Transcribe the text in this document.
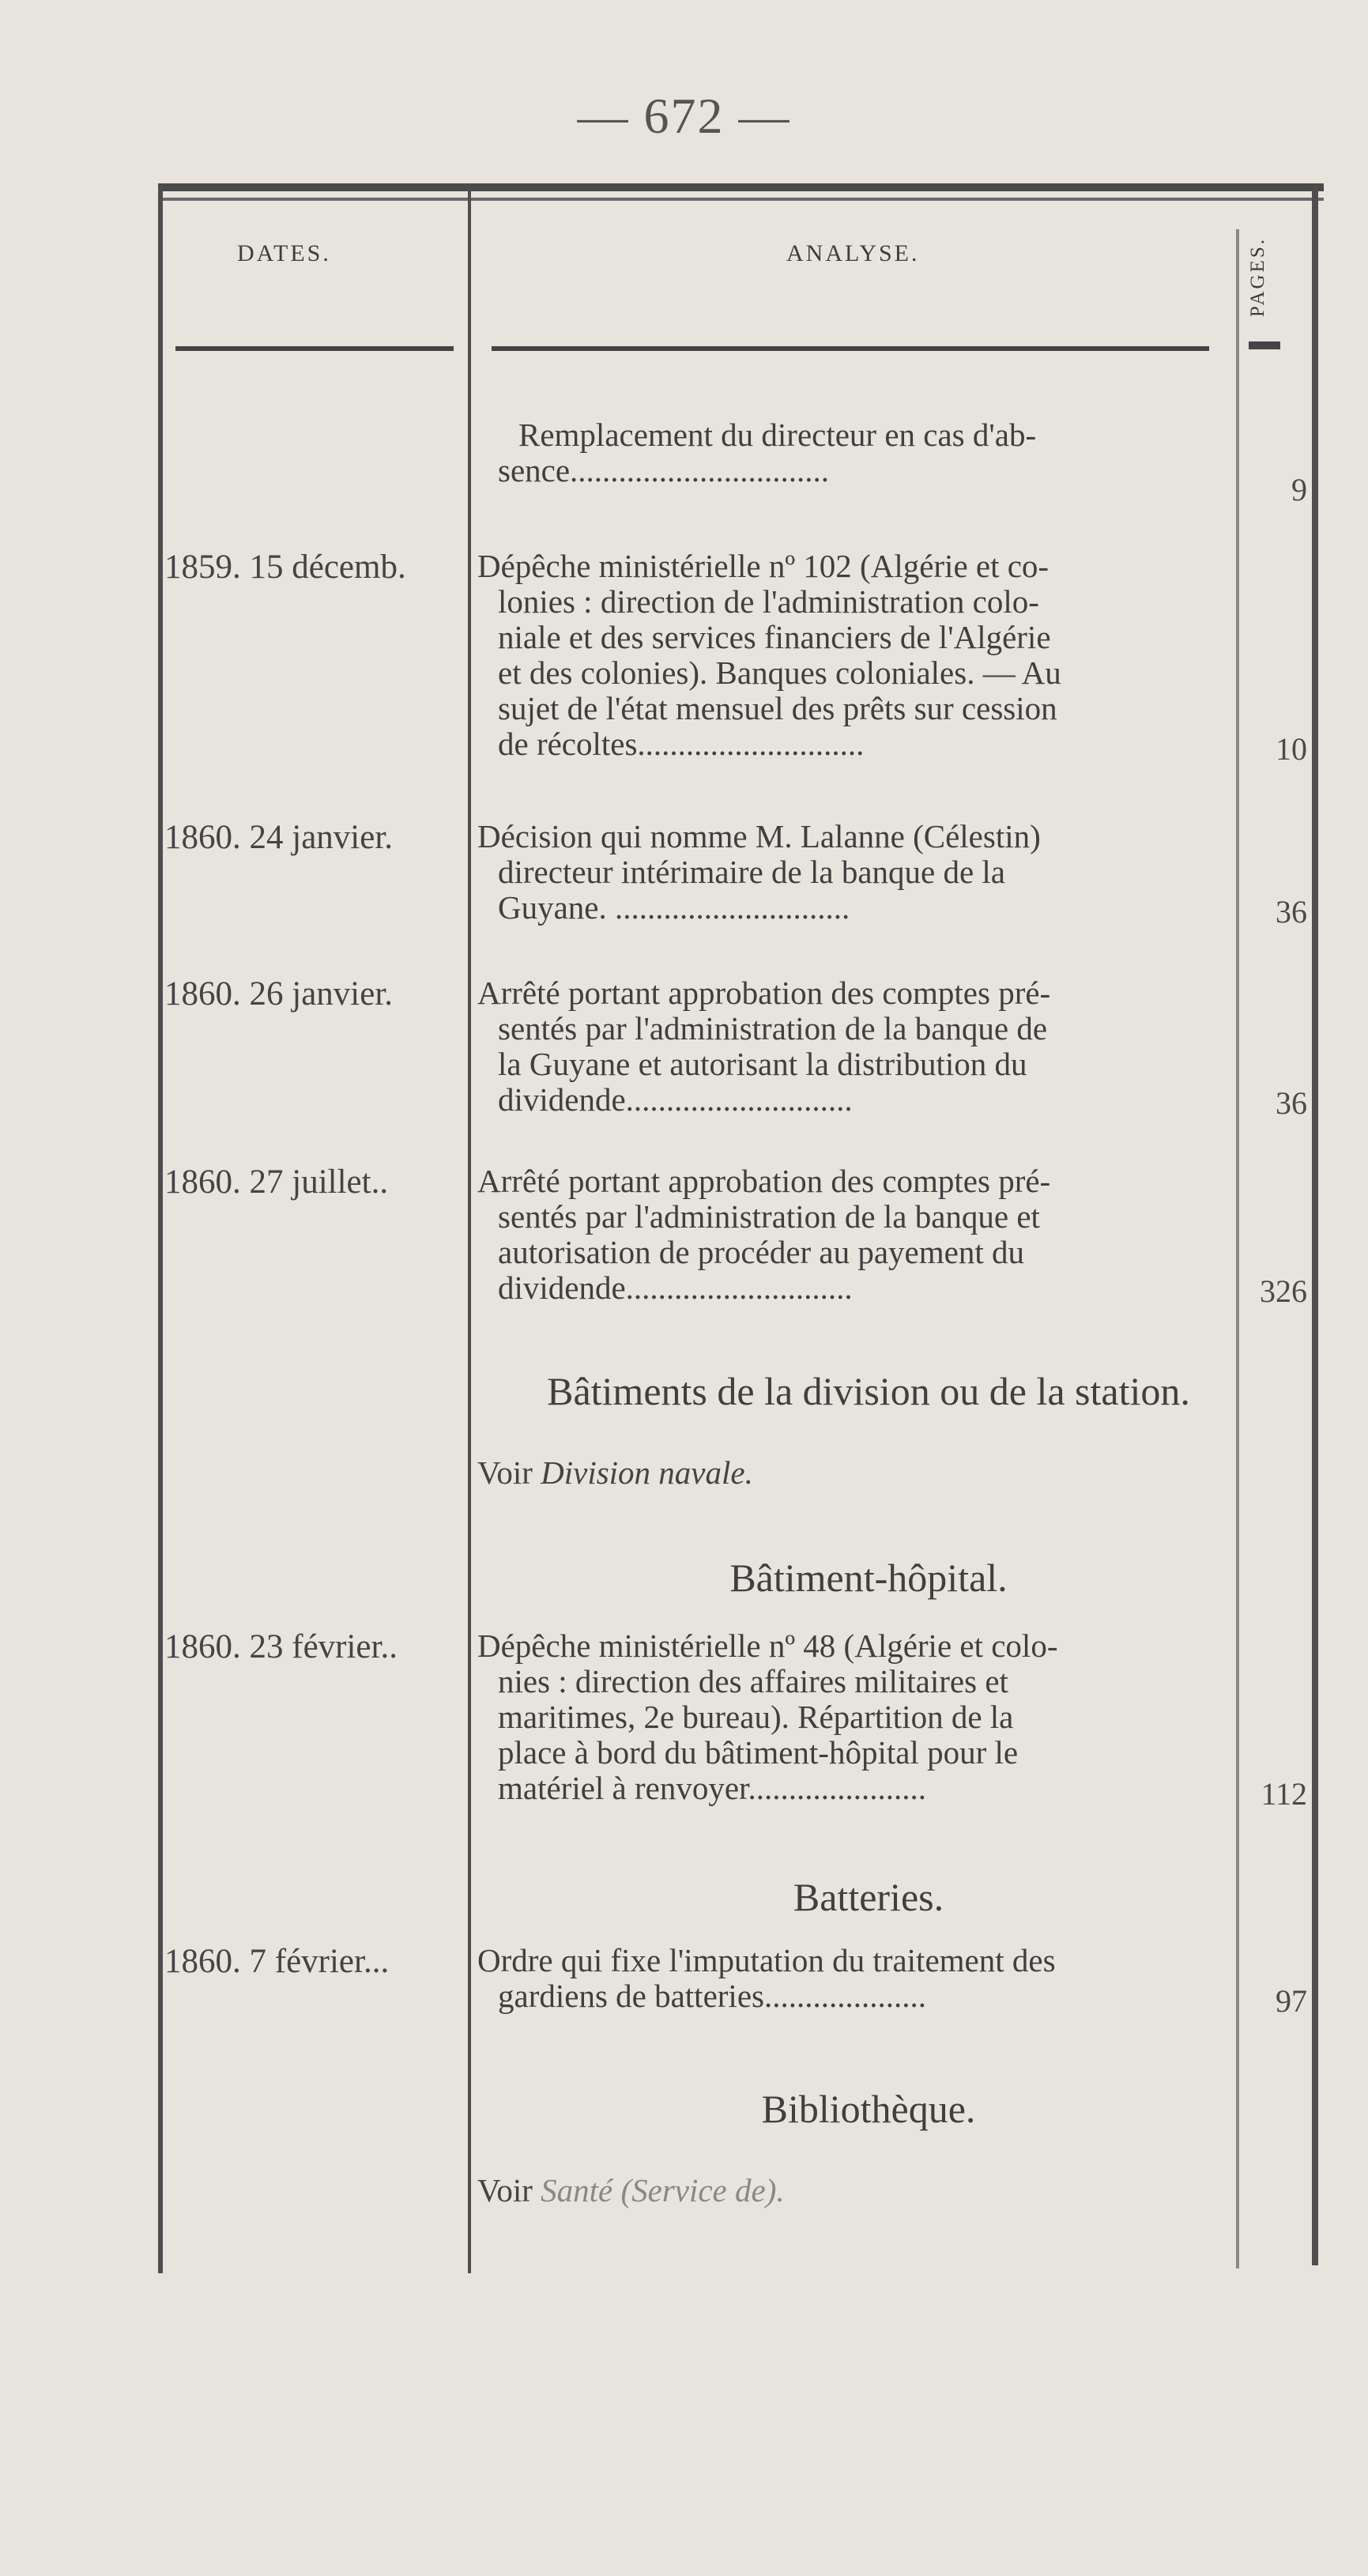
— 672 —
DATES.	ANALYSE.	PAGES.
Remplacement du directeur en cas d'ab-
sence................................
9
1859. 15 décemb.	Dépêche ministérielle nº 102 (Algérie et co-
lonies : direction de l'administration colo-
niale et des services financiers de l'Algérie
et des colonies). Banques coloniales. — Au
sujet de l'état mensuel des prêts sur cession
de récoltes............................	10
1860. 24 janvier.	Décision qui nomme M. Lalanne (Célestin)
directeur intérimaire de la banque de la
Guyane. .............................	36
1860. 26 janvier.	Arrêté portant approbation des comptes pré-
sentés par l'administration de la banque de
la Guyane et autorisant la distribution du
dividende............................	36
1860. 27 juillet..	Arrêté portant approbation des comptes pré-
sentés par l'administration de la banque et
autorisation de procéder au payement du
dividende............................	326
Bâtiments de la division ou de la station.
Voir Division navale.
Bâtiment-hôpital.
1860. 23 février..	Dépêche ministérielle nº 48 (Algérie et colo-
nies : direction des affaires militaires et
maritimes, 2e bureau). Répartition de la
place à bord du bâtiment-hôpital pour le
matériel à renvoyer......................	112
Batteries.
1860. 7 février...	Ordre qui fixe l'imputation du traitement des
gardiens de batteries....................	97
Bibliothèque.
Voir Santé (Service de).
